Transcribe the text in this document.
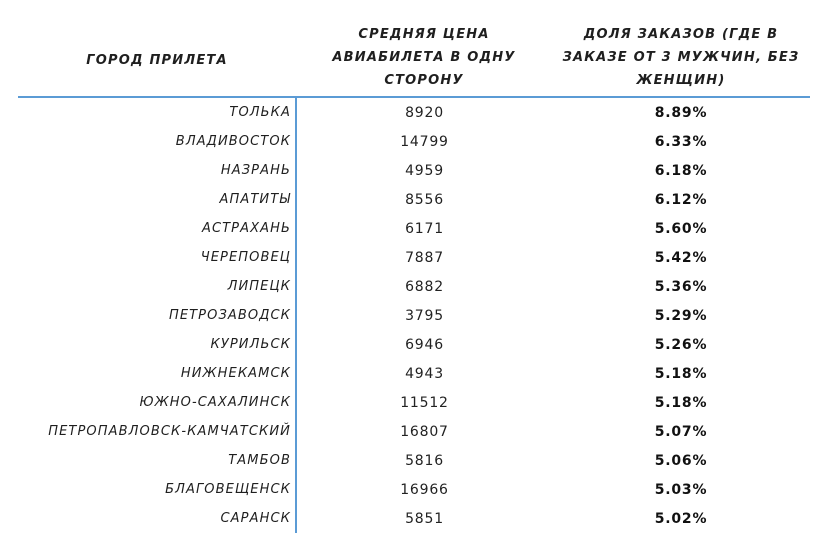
ГОРОД ПРИЛЕТА	СРЕДНЯЯ ЦЕНА АВИАБИЛЕТА В ОДНУ СТОРОНУ	ДОЛЯ ЗАКАЗОВ (ГДЕ В ЗАКАЗЕ ОТ 3 МУЖЧИН, БЕЗ ЖЕНЩИН)
ТОЛЬКА	8920	8.89%
ВЛАДИВОСТОК	14799	6.33%
НАЗРАНЬ	4959	6.18%
АПАТИТЫ	8556	6.12%
АСТРАХАНЬ	6171	5.60%
ЧЕРЕПОВЕЦ	7887	5.42%
ЛИПЕЦК	6882	5.36%
ПЕТРОЗАВОДСК	3795	5.29%
КУРИЛЬСК	6946	5.26%
НИЖНЕКАМСК	4943	5.18%
ЮЖНО-САХАЛИНСК	11512	5.18%
ПЕТРОПАВЛОВСК-КАМЧАТСКИЙ	16807	5.07%
ТАМБОВ	5816	5.06%
БЛАГОВЕЩЕНСК	16966	5.03%
САРАНСК	5851	5.02%
